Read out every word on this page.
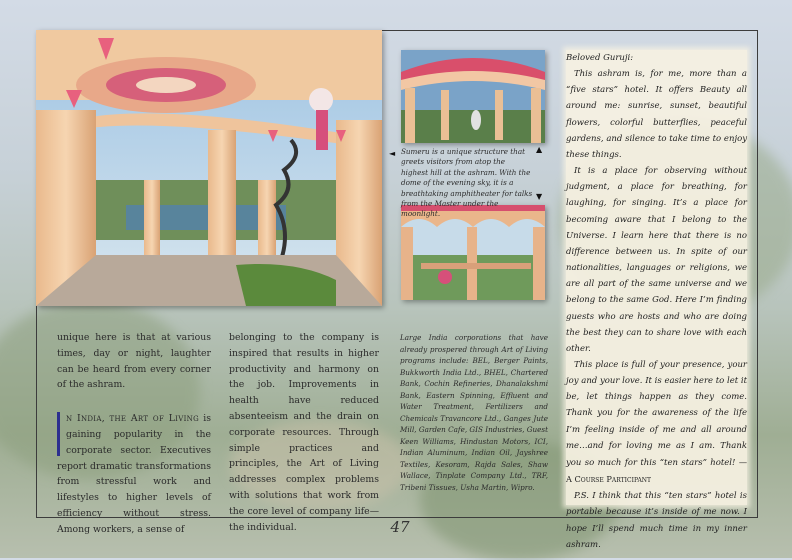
◄	▲
▼
Sumeru is a unique structure that greets visitors from atop the highest hill at the ashram. With the dome of the evening sky, it is a breathtaking amphitheater for talks from the Master under the moonlight.
unique here is that at various times, day or night, laughter can be heard from every corner of the ashram.
n India, the Art of Living is gaining popularity in the corporate sector. Executives report dramatic transformations from stressful work and lifestyles to higher levels of efficiency without stress. Among workers, a sense of
belonging to the company is inspired that results in higher productivity and harmony on the job. Improvements in health have reduced absenteeism and the drain on corporate resources. Through simple practices and principles, the Art of Living addresses complex problems with solutions that work from the core level of company life—the individual.
Large India corporations that have already prospered through Art of Living programs include: BEL, Berger Paints, Bukkworth India Ltd., BHEL, Chartered Bank, Cochin Refineries, Dhanalakshmi Bank, Eastern Spinning, Effluent and Water Treatment, Fertilizers and Chemicals Travancore Ltd., Ganges Jute Mill, Garden Cafe, GIS Industries, Guest Keen Williams, Hindustan Motors, ICI, Indian Aluminum, Indian Oil, Jayshree Textiles, Kesoram, Rajda Sales, Shaw Wallace, Tinplate Company Ltd., TRF, Tribeni Tissues, Usha Martin, Wipro.

Beloved Guruji:

This ashram is, for me, more than a “five stars” hotel. It offers Beauty all around me: sunrise, sunset, beautiful flowers, colorful butterflies, peaceful gardens, and silence to take time to enjoy these things.

It is a place for observing without judgment, a place for breathing, for laughing, for singing. It’s a place for becoming aware that I belong to the Universe. I learn here that there is no difference between us. In spite of our nationalities, languages or religions, we are all part of the same universe and we belong to the same God. Here I’m finding guests who are hosts and who are doing the best they can to share love with each other.

This place is full of your presence, your joy and your love. It is easier here to let it be, let things happen as they come. Thank you for the awareness of the life I’m feeling inside of me and all around me…and for loving me as I am. Thank you so much for this “ten stars” hotel! — A Course Participant

P.S. I think that this “ten stars” hotel is portable because it’s inside of me now. I hope I’ll spend much time in my inner ashram.

47
